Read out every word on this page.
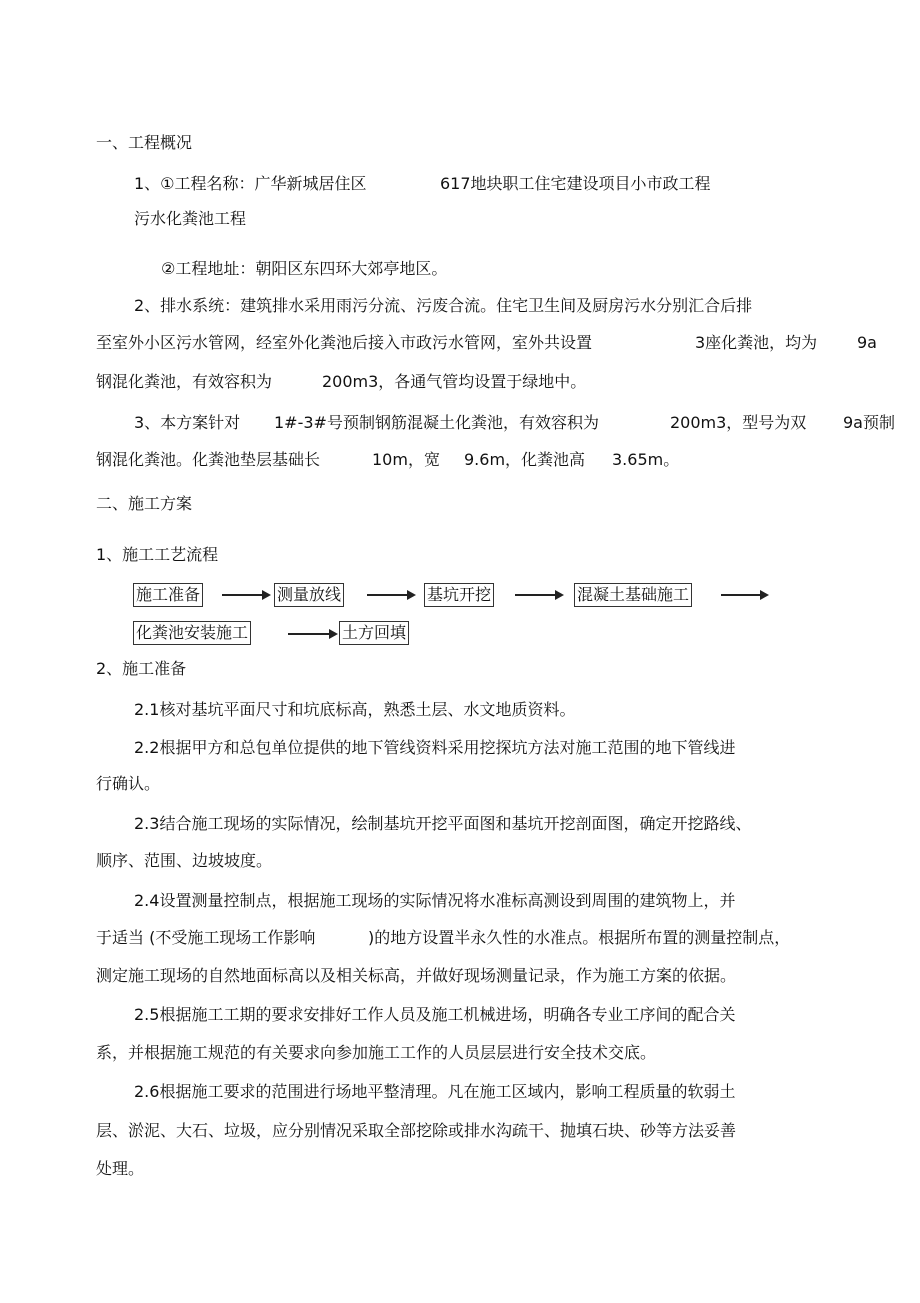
一、工程概况
1、①工程名称：广华新城居住区	617地块职工住宅建设项目小市政工程
污水化粪池工程
②工程地址：朝阳区东四环大郊亭地区。
2、排水系统：建筑排水采用雨污分流、污废合流。住宅卫生间及厨房污水分别汇合后排
至室外小区污水管网，经室外化粪池后接入市政污水管网，室外共设置	3座化粪池，均为 9a
钢混化粪池，有效容积为	200m3，各通气管均设置于绿地中。
3、本方案针对 1#-3#号预制钢筋混凝土化粪池，有效容积为	200m3，型号为双 9a预制
钢混化粪池。化粪池垫层基础长	10m，宽 9.6m，化粪池高 3.65m。
二、施工方案
1、施工工艺流程
施工准备	测量放线	基坑开挖	混凝土基础施工
化粪池安装施工	土方回填
2、施工准备
2.1核对基坑平面尺寸和坑底标高，熟悉土层、水文地质资料。
2.2根据甲方和总包单位提供的地下管线资料采用挖探坑方法对施工范围的地下管线进
行确认。
2.3结合施工现场的实际情况，绘制基坑开挖平面图和基坑开挖剖面图，确定开挖路线、
顺序、范围、边坡坡度。
2.4设置测量控制点，根据施工现场的实际情况将水准标高测设到周围的建筑物上，并
于适当 (不受施工现场工作影响	)的地方设置半永久性的水准点。根据所布置的测量控制点，
测定施工现场的自然地面标高以及相关标高，并做好现场测量记录，作为施工方案的依据。
2.5根据施工工期的要求安排好工作人员及施工机械进场，明确各专业工序间的配合关
系，并根据施工规范的有关要求向参加施工工作的人员层层进行安全技术交底。
2.6根据施工要求的范围进行场地平整清理。凡在施工区域内，影响工程质量的软弱土
层、淤泥、大石、垃圾，应分别情况采取全部挖除或排水沟疏干、抛填石块、砂等方法妥善
处理。
